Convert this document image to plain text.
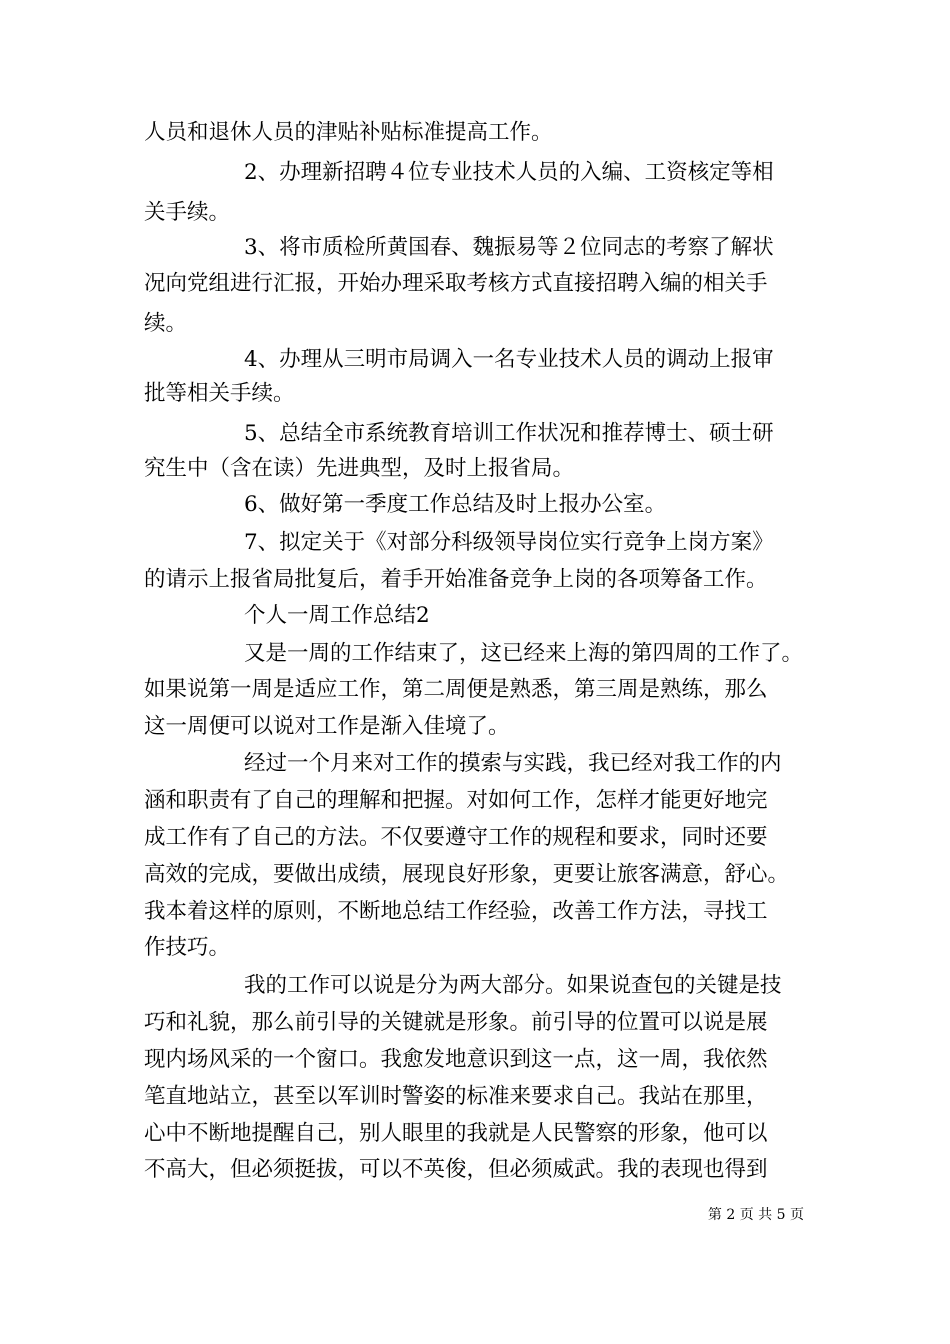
人员和退休人员的津贴补贴标准提高工作。
2、办理新招聘４位专业技术人员的入编、工资核定等相
关手续。
3、将市质检所黄国春、魏振易等２位同志的考察了解状
况向党组进行汇报，开始办理采取考核方式直接招聘入编的相关手
续。
4、办理从三明市局调入一名专业技术人员的调动上报审
批等相关手续。
5、总结全市系统教育培训工作状况和推荐博士、硕士研
究生中（含在读）先进典型，及时上报省局。
6、做好第一季度工作总结及时上报办公室。
7、拟定关于《对部分科级领导岗位实行竞争上岗方案》
的请示上报省局批复后，着手开始准备竞争上岗的各项筹备工作。
个人一周工作总结2
又是一周的工作结束了，这已经来上海的第四周的工作了。
如果说第一周是适应工作，第二周便是熟悉，第三周是熟练，那么
这一周便可以说对工作是渐入佳境了。
经过一个月来对工作的摸索与实践，我已经对我工作的内
涵和职责有了自己的理解和把握。对如何工作，怎样才能更好地完
成工作有了自己的方法。不仅要遵守工作的规程和要求，同时还要
高效的完成，要做出成绩，展现良好形象，更要让旅客满意，舒心。
我本着这样的原则，不断地总结工作经验，改善工作方法，寻找工
作技巧。
我的工作可以说是分为两大部分。如果说查包的关键是技
巧和礼貌，那么前引导的关键就是形象。前引导的位置可以说是展
现内场风采的一个窗口。我愈发地意识到这一点，这一周，我依然
笔直地站立，甚至以军训时警姿的标准来要求自己。我站在那里，
心中不断地提醒自己，别人眼里的我就是人民警察的形象，他可以
不高大，但必须挺拔，可以不英俊，但必须威武。我的表现也得到
第 2 页 共 5 页
